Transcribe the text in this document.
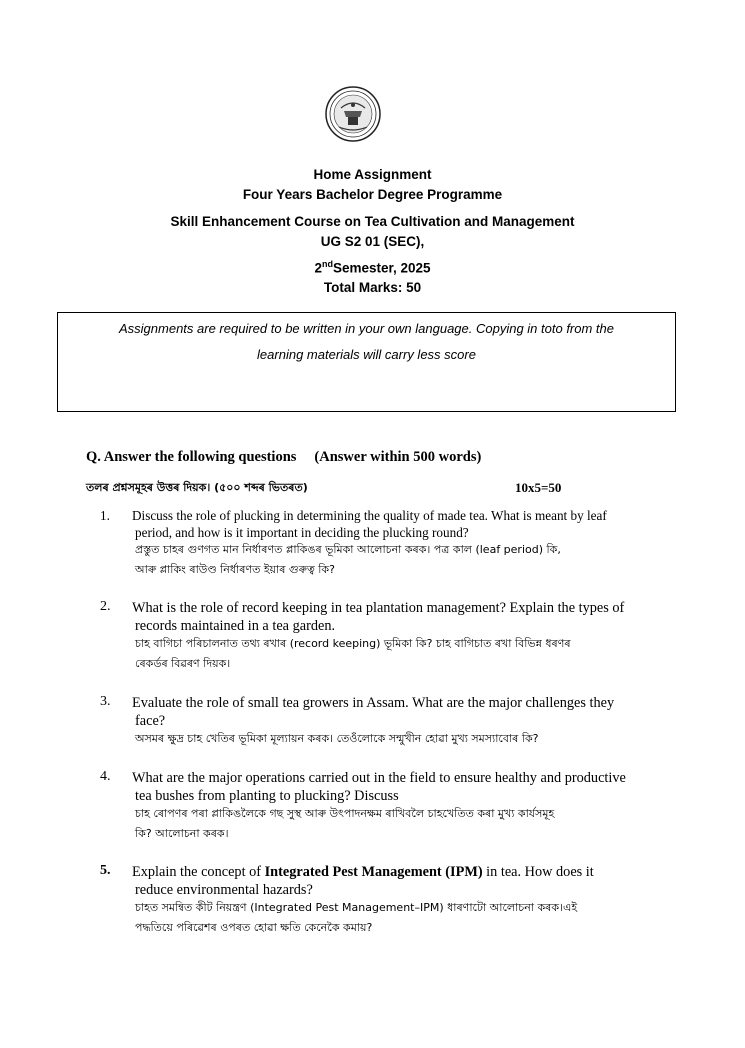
Home Assignment
Four Years Bachelor Degree Programme
Skill Enhancement Course on Tea Cultivation and Management
UG S2 01 (SEC),
2ndSemester, 2025
Total Marks: 50
Assignments are required to be written in your own language. Copying in toto from the
learning materials will carry less score
Q. Answer the following questions (Answer within 500 words)
তলৰ প্ৰশ্নসমূহৰ উত্তৰ দিয়ক। (৫০০ শব্দৰ ভিতৰত)	10x5=50
1. Discuss the role of plucking in determining the quality of made tea. What is meant by leaf
period, and how is it important in deciding the plucking round?
প্ৰস্তুত চাহৰ গুণগত মান নিৰ্ধাৰণত প্লাকিঙৰ ভূমিকা আলোচনা কৰক। পত্ৰ কাল (leaf period) কি,
আৰু প্লাকিং ৰাউণ্ড নিৰ্ধাৰণত ইয়াৰ গুৰুত্ব কি?
2. What is the role of record keeping in tea plantation management? Explain the types of
records maintained in a tea garden.
চাহ বাগিচা পৰিচালনাত তথ্য ৰখাৰ (record keeping) ভূমিকা কি? চাহ বাগিচাত ৰখা বিভিন্ন ধৰণৰ
ৰেকৰ্ডৰ বিৱৰণ দিয়ক।
3. Evaluate the role of small tea growers in Assam. What are the major challenges they
face?
অসমৰ ক্ষুদ্ৰ চাহ খেতিৰ ভূমিকা মূল্যায়ন কৰক। তেওঁলোকে সন্মুখীন হোৱা মুখ্য সমস্যাবোৰ কি?
4. What are the major operations carried out in the field to ensure healthy and productive
tea bushes from planting to plucking? Discuss
চাহ ৰোপণৰ পৰা প্লাকিঙলৈকে গছ সুস্থ আৰু উৎপাদনক্ষম ৰাখিবলৈ চাহখেতিত কৰা মুখ্য কাৰ্যসমূহ
কি? আলোচনা কৰক।
5. Explain the concept of Integrated Pest Management (IPM) in tea. How does it
reduce environmental hazards?
চাহত সমন্বিত কীট নিয়ন্ত্ৰণ (Integrated Pest Management–IPM) ধাৰণাটো আলোচনা কৰক।এই
পদ্ধতিয়ে পৰিৱেশৰ ওপৰত হোৱা ক্ষতি কেনেকৈ কমায়?
